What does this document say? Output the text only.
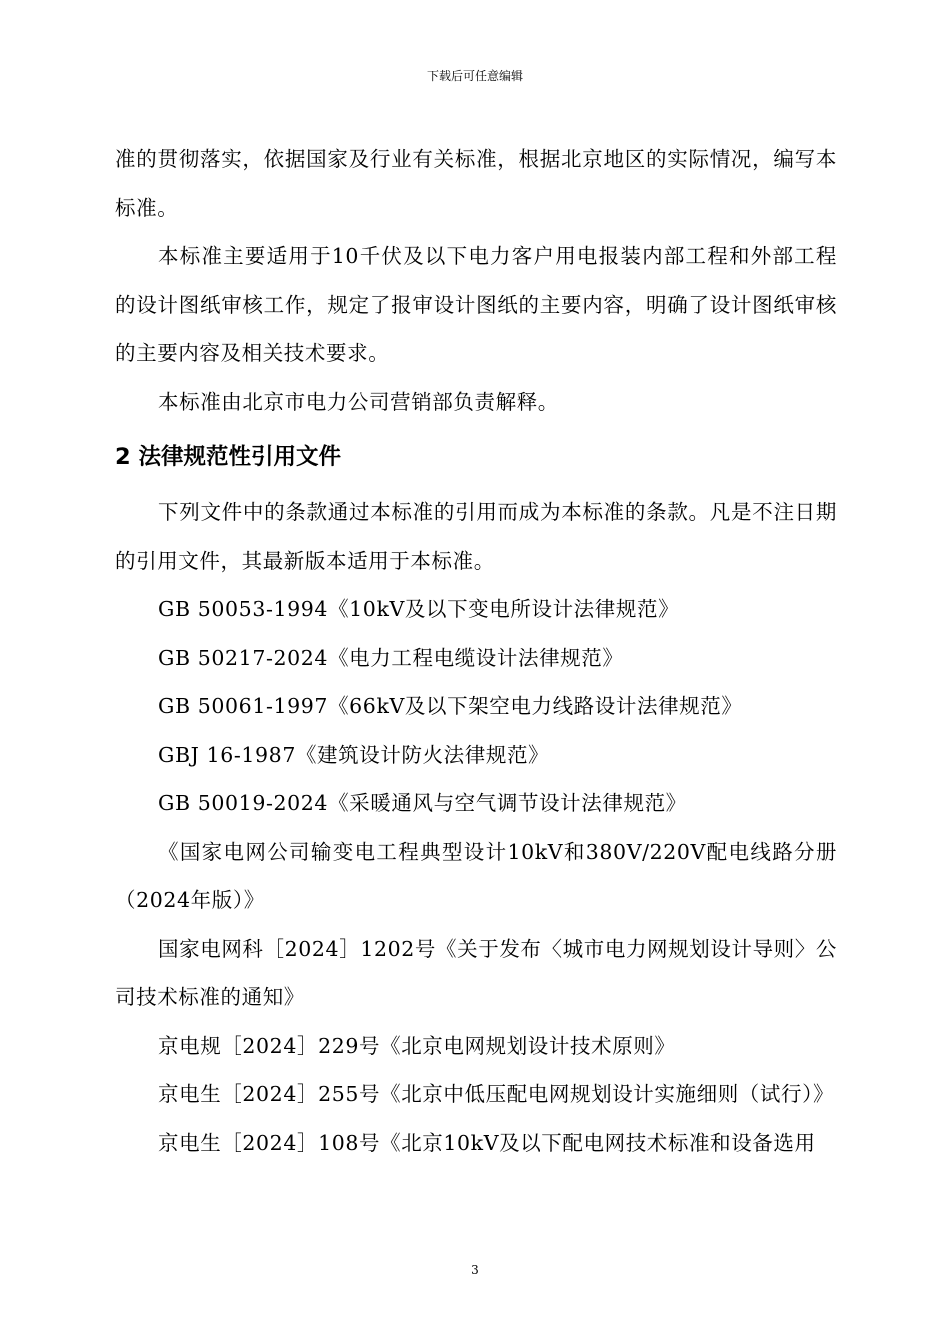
下载后可任意编辑

准的贯彻落实，依据国家及行业有关标准，根据北京地区的实际情况，编写本标准。

本标准主要适用于10千伏及以下电力客户用电报装内部工程和外部工程的设计图纸审核工作，规定了报审设计图纸的主要内容，明确了设计图纸审核的主要内容及相关技术要求。

本标准由北京市电力公司营销部负责解释。

2 法律规范性引用文件

下列文件中的条款通过本标准的引用而成为本标准的条款。凡是不注日期的引用文件，其最新版本适用于本标准。

GB 50053-1994《10kV及以下变电所设计法律规范》

GB 50217-2024《电力工程电缆设计法律规范》

GB 50061-1997《66kV及以下架空电力线路设计法律规范》

GBJ 16-1987《建筑设计防火法律规范》

GB 50019-2024《采暖通风与空气调节设计法律规范》

《国家电网公司输变电工程典型设计10kV和380V/220V配电线路分册（2024年版）》

国家电网科［2024］1202号《关于发布〈城市电力网规划设计导则〉公司技术标准的通知》

京电规［2024］229号《北京电网规划设计技术原则》

京电生［2024］255号《北京中低压配电网规划设计实施细则（试行）》

京电生［2024］108号《北京10kV及以下配电网技术标准和设备选用

3
